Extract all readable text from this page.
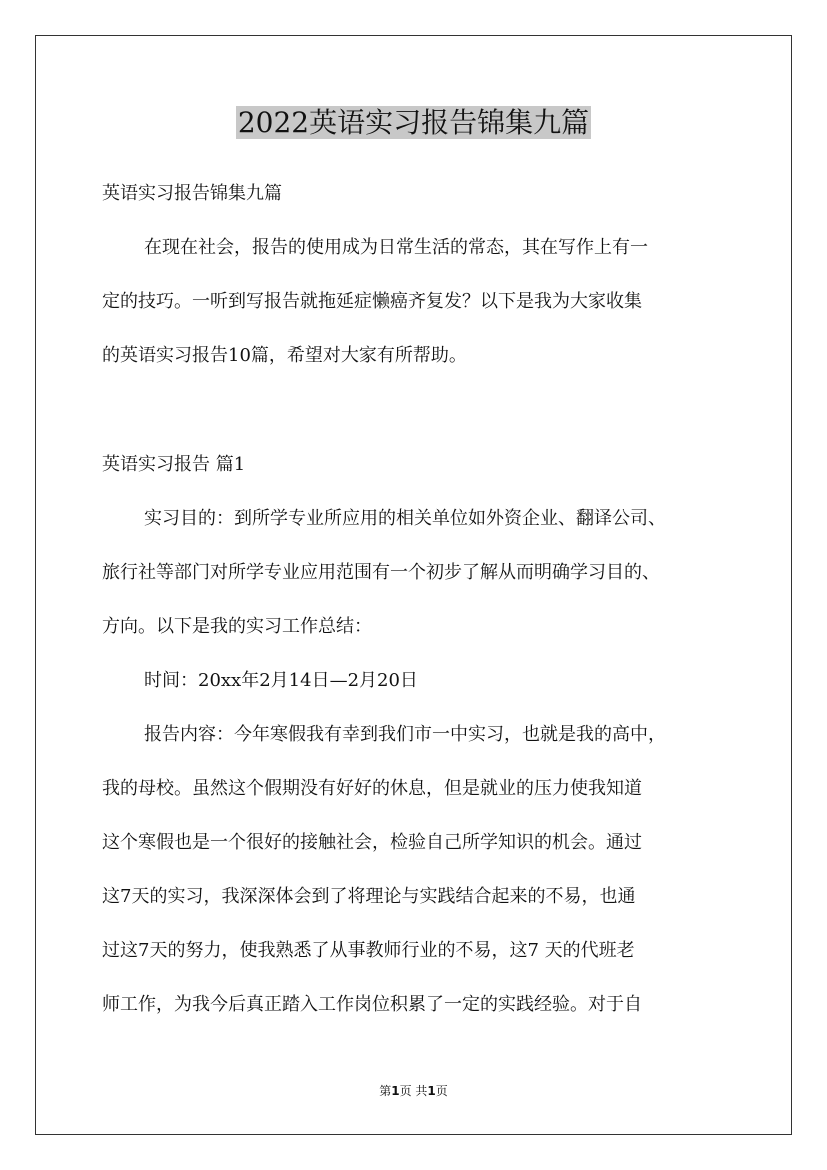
2022英语实习报告锦集九篇

英语实习报告锦集九篇

在现在社会，报告的使用成为日常生活的常态，其在写作上有一

定的技巧。一听到写报告就拖延症懒癌齐复发？以下是我为大家收集

的英语实习报告10篇，希望对大家有所帮助。

英语实习报告 篇1

实习目的：到所学专业所应用的相关单位如外资企业、翻译公司、

旅行社等部门对所学专业应用范围有一个初步了解从而明确学习目的、

方向。以下是我的实习工作总结：

时间：20xx年2月14日—2月20日

报告内容：今年寒假我有幸到我们市一中实习，也就是我的高中，

我的母校。虽然这个假期没有好好的休息，但是就业的压力使我知道

这个寒假也是一个很好的接触社会，检验自己所学知识的机会。通过

这7天的实习，我深深体会到了将理论与实践结合起来的不易，也通

过这7天的努力，使我熟悉了从事教师行业的不易，这7 天的代班老

师工作，为我今后真正踏入工作岗位积累了一定的实践经验。对于自

第1页 共1页
